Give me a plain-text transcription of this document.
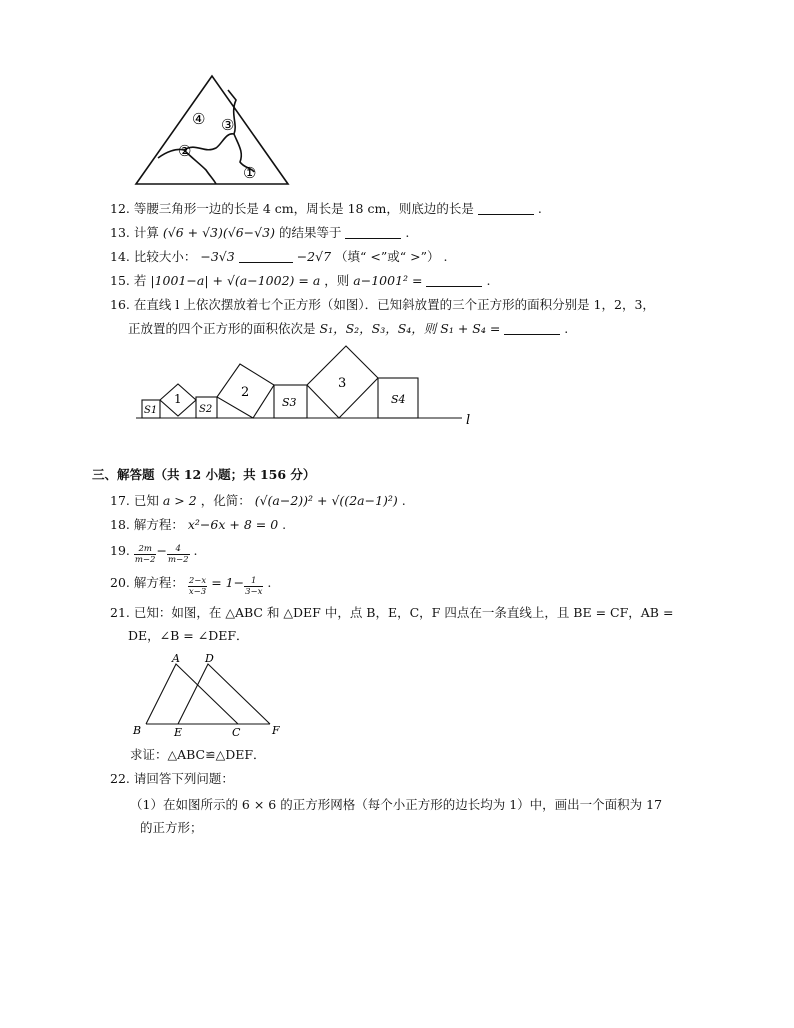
④ ③
②
①
12. 等腰三角形一边的长是 4 cm，周长是 18 cm，则底边的长是	.
13. 计算 (√6 + √3)(√6−√3) 的结果等于	.
14. 比较大小： −3√3	−2√7 （填“ <”或“ >”） .
15. 若 |1001−a| + √(a−1002) = a ，则 a−1001² =	.
16. 在直线 l 上依次摆放着七个正方形（如图）．已知斜放置的三个正方形的面积分别是 1，2，3，
正放置的四个正方形的面积依次是 S₁，S₂，S₃，S₄，则 S₁ + S₄ =	.
S1
1
S2
2
S3
3
S4
l
三、解答题（共 12 小题；共 156 分）
17. 已知 a > 2 ，化简： (√(a−2))² + √((2a−1)²) .
18. 解方程： x²−6x + 8 = 0 .
19. $\frac{2m}{m-2} - \frac{4}{m-2}$ .
20. 解方程： $\frac{2-x}{x-3} = 1- \frac{1}{3-x}$ .
21. 已知：如图，在 △ABC 和 △DEF 中，点 B，E，C，F 四点在一条直线上，且 BE = CF，AB =
DE，∠B = ∠DEF．
A D
B	E	C	F
求证：△ABC≌△DEF．
22. 请回答下列问题：
（1）在如图所示的 6 × 6 的正方形网格（每个小正方形的边长均为 1）中，画出一个面积为 17
的正方形；
